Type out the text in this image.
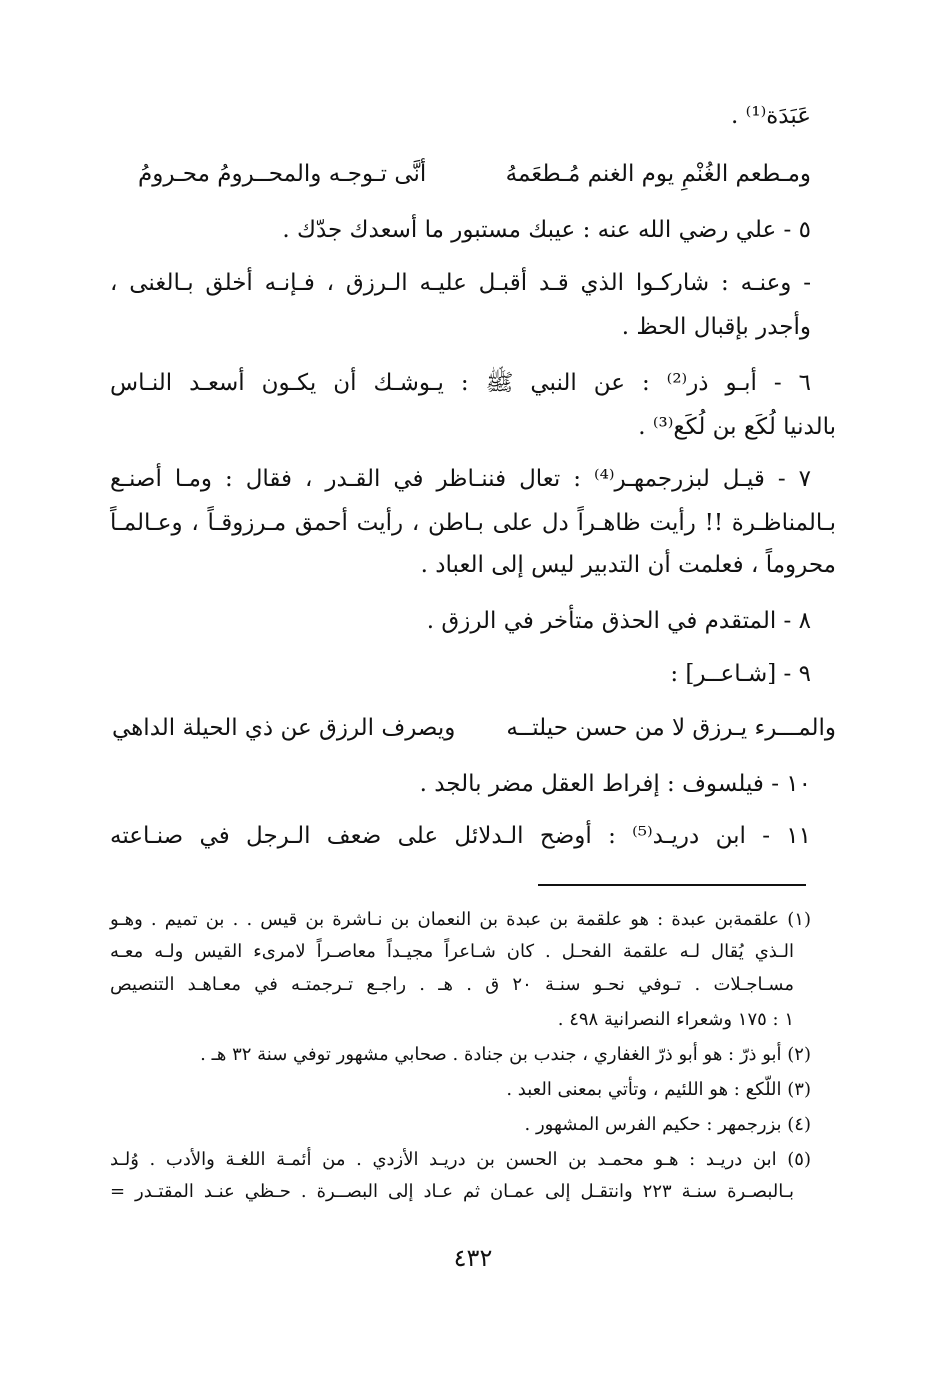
عَبَدَة⁽¹⁾ .
ومـطعم الغُنْمِ يوم الغنم مُـطعَمهُ
أنَّى تـوجـه والمحــرومُ محـرومُ
٥ - علي رضي الله عنه : عيبك مستبور ما أسعدك جدّك .
- وعنـه : شاركـوا الذي قـد أقبـل عليـه الـرزق ، فـإنـه أخلق بـالغنى ،
وأجدر بإقبال الحظ .
٦ - أبـو ذر⁽²⁾ : عن النبي ﷺ : يـوشـك أن يكـون أسعـد النـاس
بالدنيا لُكَع بن لُكَع⁽³⁾ .
٧ - قيـل لبزرجمهـر⁽⁴⁾ : تعال فننـاظر في القـدر ، فقال : ومـا أصنـع
بـالمناظـرة !! رأيت ظاهـراً دل على بـاطن ، رأيت أحمق مـرزوقـاً ، وعـالمـاً
محروماً ، فعلمت أن التدبير ليس إلى العباد .
٨ - المتقدم في الحذق متأخر في الرزق .
٩ - [شـاعــر] :
والمـــرء يـرزق لا من حسن حيلتــه
ويصرف الرزق عن ذي الحيلة الداهي
١٠ - فيلسوف : إفراط العقل مضر بالجد .
١١ - ابن دريـد⁽⁵⁾ : أوضح الـدلائل على ضعف الـرجل في صنـاعته
(١) علقمةبن عبدة : هو علقمة بن عبدة بن النعمان بن نـاشرة بن قيس . . بن تميم . وهـو
الـذي يُقال لـه علقمة الفحـل . كان شـاعراً مجيـداً معاصـراً لامرىء القيس ولـه معـه
مسـاجـلات . تـوفي نحـو سنـة ٢٠ ق . هـ . راجـع تـرجمتـه في معـاهـد التنصيص
١ : ١٧٥ وشعراء النصرانية ٤٩٨ .
(٢) أبو ذرّ : هو أبو ذرّ الغفاري ، جندب بن جنادة . صحابي مشهور توفي سنة ٣٢ هـ .
(٣) اللّكع : هو اللئيم ، وتأتي بمعنى العبد .
(٤) بزرجمهر : حكيم الفرس المشهور .
(٥) ابن دريـد : هـو محمـد بن الحسن بن دريـد الأزدي . من أئمـة اللغـة والأدب . وُلـد
بـالبصـرة سنـة ٢٢٣ وانتقـل إلى عمـان ثم عـاد إلى البصــرة . حـظي عنـد المقتـدر =
٤٣٢
